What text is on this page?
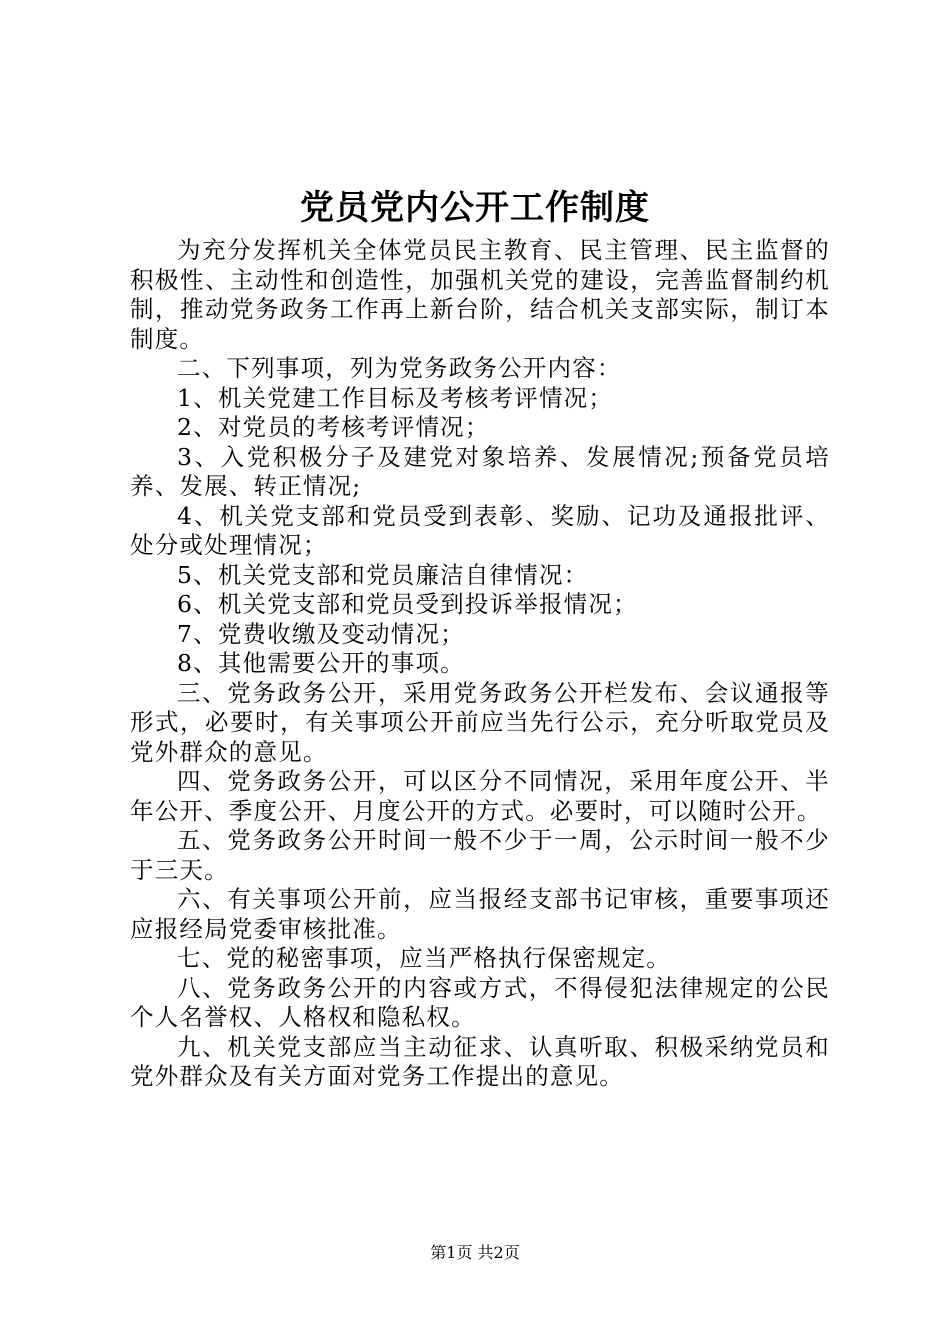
党员党内公开工作制度

为充分发挥机关全体党员民主教育、民主管理、民主监督的积极性、主动性和创造性，加强机关党的建设，完善监督制约机制，推动党务政务工作再上新台阶，结合机关支部实际，制订本制度。

二、下列事项，列为党务政务公开内容：

1、机关党建工作目标及考核考评情况；

2、对党员的考核考评情况；

3、入党积极分子及建党对象培养、发展情况;预备党员培养、发展、转正情况;

4、机关党支部和党员受到表彰、奖励、记功及通报批评、处分或处理情况；

5、机关党支部和党员廉洁自律情况：

6、机关党支部和党员受到投诉举报情况；

7、党费收缴及变动情况；

8、其他需要公开的事项。

三、党务政务公开，采用党务政务公开栏发布、会议通报等形式，必要时，有关事项公开前应当先行公示，充分听取党员及党外群众的意见。

四、党务政务公开，可以区分不同情况，采用年度公开、半年公开、季度公开、月度公开的方式。必要时，可以随时公开。

五、党务政务公开时间一般不少于一周，公示时间一般不少于三天。

六、有关事项公开前，应当报经支部书记审核，重要事项还应报经局党委审核批准。

七、党的秘密事项，应当严格执行保密规定。

八、党务政务公开的内容或方式，不得侵犯法律规定的公民个人名誉权、人格权和隐私权。

九、机关党支部应当主动征求、认真听取、积极采纳党员和党外群众及有关方面对党务工作提出的意见。

第1页 共2页
